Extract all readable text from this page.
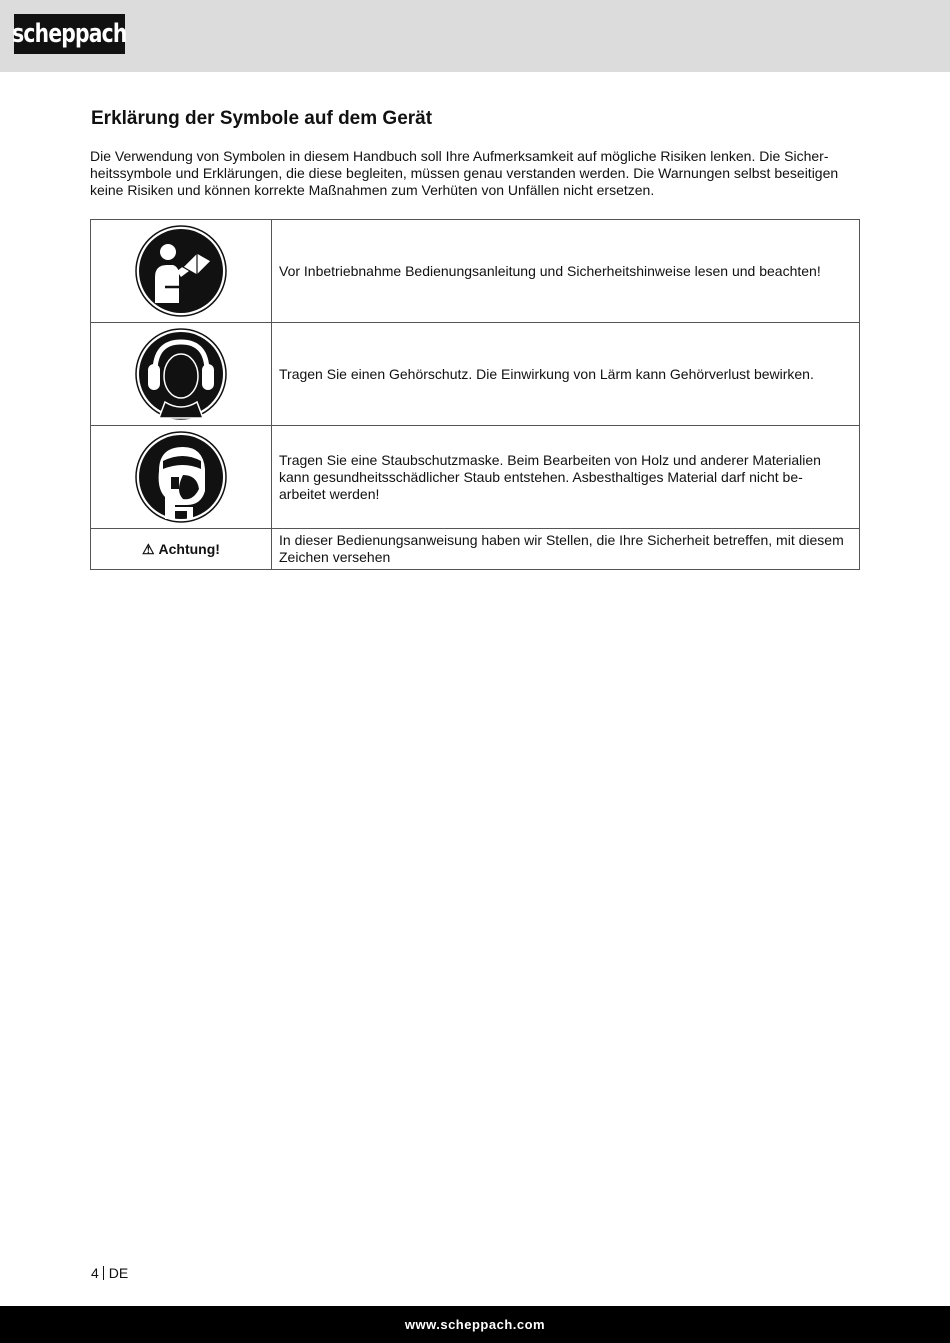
scheppach
Erklärung der Symbole auf dem Gerät

Die Verwendung von Symbolen in diesem Handbuch soll Ihre Aufmerksamkeit auf mögliche Risiken lenken. Die Sicher-heitssymbole und Erklärungen, die diese begleiten, müssen genau verstanden werden. Die Warnungen selbst beseitigen keine Risiken und können korrekte Maßnahmen zum Verhüten von Unfällen nicht ersetzen.

	Vor Inbetriebnahme Bedienungsanleitung und Sicherheitshinweise lesen und beachten!

	Tragen Sie einen Gehörschutz. Die Einwirkung von Lärm kann Gehörverlust bewirken.

	Tragen Sie eine Staubschutzmaske. Beim Bearbeiten von Holz und anderer Materialien kann gesundheitsschädlicher Staub entstehen. Asbesthaltiges Material darf nicht be-arbeitet werden!
⚠ Achtung!	In dieser Bedienungsanweisung haben wir Stellen, die Ihre Sicherheit betreffen, mit diesem Zeichen versehen
4 DE
www.scheppach.com
